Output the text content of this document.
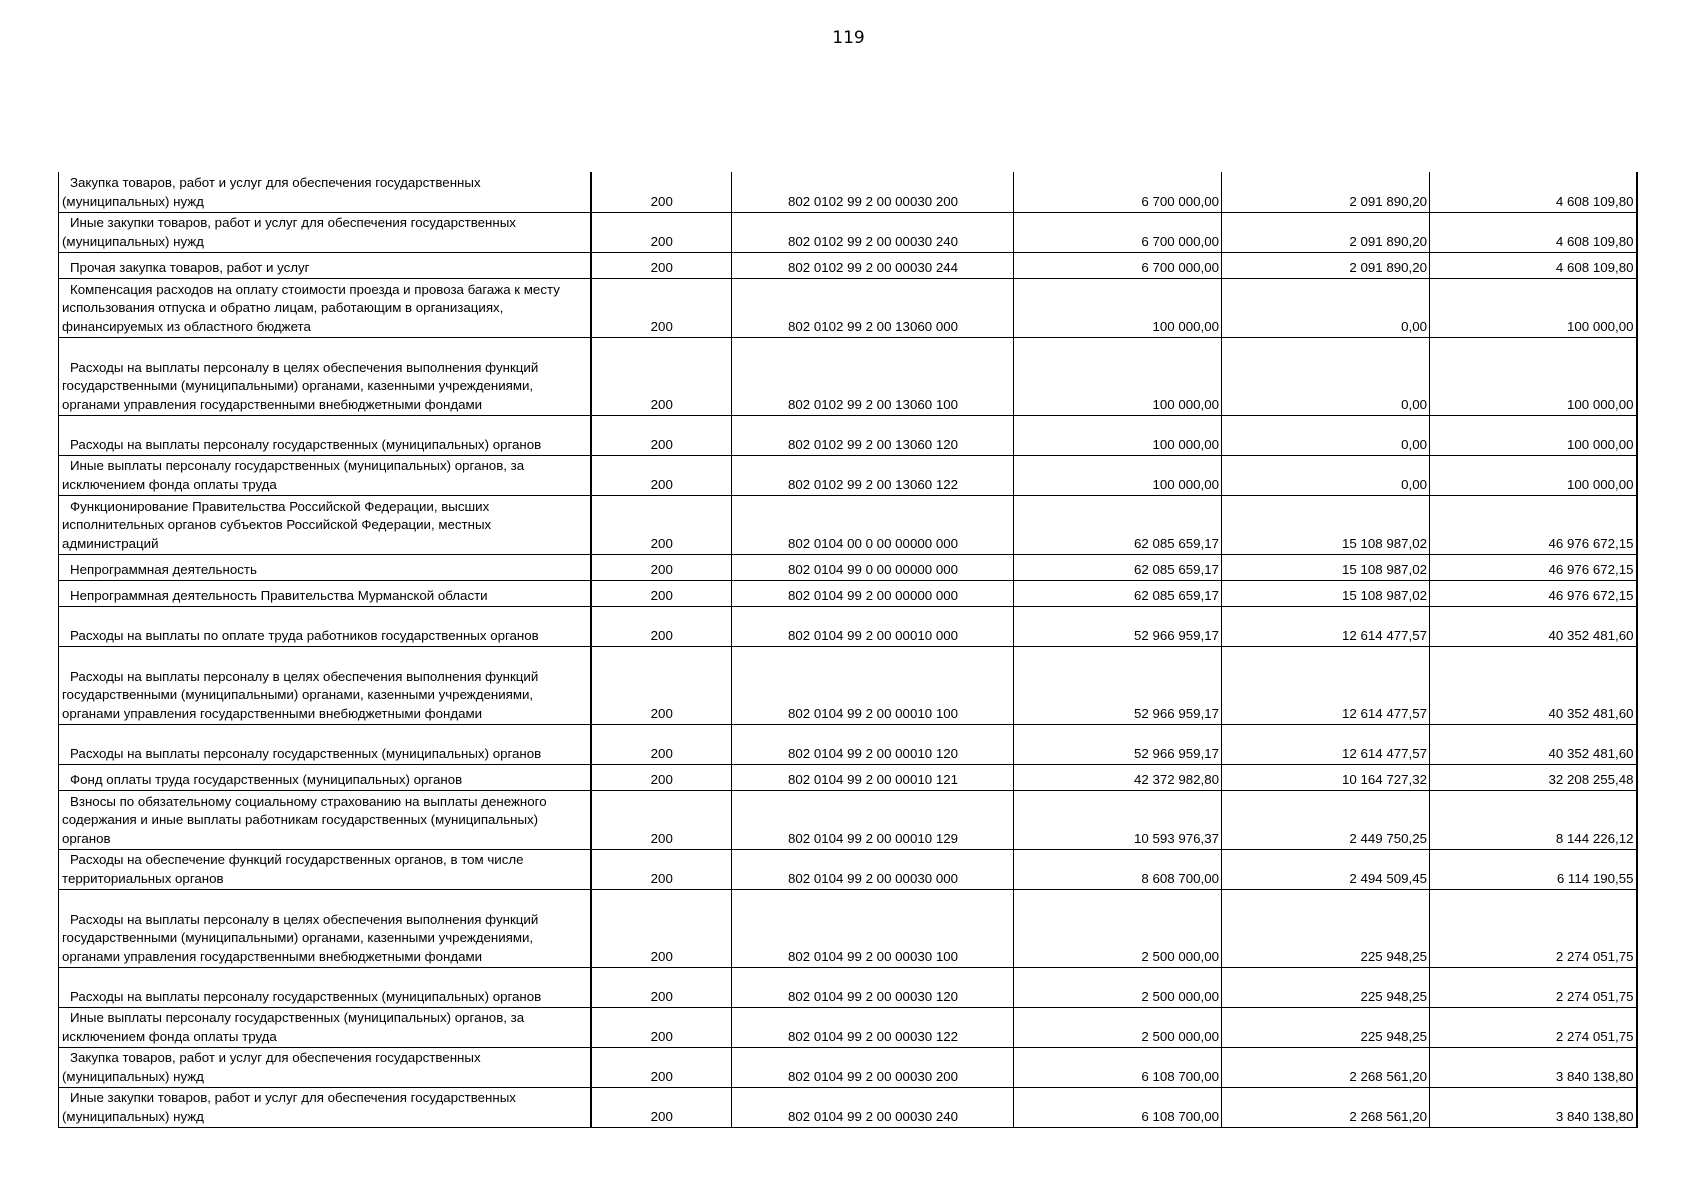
119
Закупка товаров, работ и услуг для обеспечения государственных (муниципальных) нужд	200	802 0102 99 2 00 00030 200	6 700 000,00	2 091 890,20	4 608 109,80

Иные закупки товаров, работ и услуг для обеспечения государственных (муниципальных) нужд	200	802 0102 99 2 00 00030 240	6 700 000,00	2 091 890,20	4 608 109,80

Прочая закупка товаров, работ и услуг	200	802 0102 99 2 00 00030 244	6 700 000,00	2 091 890,20	4 608 109,80

Компенсация расходов на оплату стоимости проезда и провоза багажа к месту использования отпуска и обратно лицам, работающим в организациях, финансируемых из областного бюджета	200	802 0102 99 2 00 13060 000	100 000,00	0,00	100 000,00

Расходы на выплаты персоналу в целях обеспечения выполнения функций государственными (муниципальными) органами, казенными учреждениями, органами управления государственными внебюджетными фондами	200	802 0102 99 2 00 13060 100	100 000,00	0,00	100 000,00

Расходы на выплаты персоналу государственных (муниципальных) органов	200	802 0102 99 2 00 13060 120	100 000,00	0,00	100 000,00

Иные выплаты персоналу государственных (муниципальных) органов, за исключением фонда оплаты труда	200	802 0102 99 2 00 13060 122	100 000,00	0,00	100 000,00

Функционирование Правительства Российской Федерации, высших исполнительных органов субъектов Российской Федерации, местных администраций	200	802 0104 00 0 00 00000 000	62 085 659,17	15 108 987,02	46 976 672,15

Непрограммная деятельность	200	802 0104 99 0 00 00000 000	62 085 659,17	15 108 987,02	46 976 672,15

Непрограммная деятельность Правительства Мурманской области	200	802 0104 99 2 00 00000 000	62 085 659,17	15 108 987,02	46 976 672,15

Расходы на выплаты по оплате труда работников государственных органов	200	802 0104 99 2 00 00010 000	52 966 959,17	12 614 477,57	40 352 481,60

Расходы на выплаты персоналу в целях обеспечения выполнения функций государственными (муниципальными) органами, казенными учреждениями, органами управления государственными внебюджетными фондами	200	802 0104 99 2 00 00010 100	52 966 959,17	12 614 477,57	40 352 481,60

Расходы на выплаты персоналу государственных (муниципальных) органов	200	802 0104 99 2 00 00010 120	52 966 959,17	12 614 477,57	40 352 481,60

Фонд оплаты труда государственных (муниципальных) органов	200	802 0104 99 2 00 00010 121	42 372 982,80	10 164 727,32	32 208 255,48

Взносы по обязательному социальному страхованию на выплаты денежного содержания и иные выплаты работникам государственных (муниципальных) органов	200	802 0104 99 2 00 00010 129	10 593 976,37	2 449 750,25	8 144 226,12

Расходы на обеспечение функций государственных органов, в том числе территориальных органов	200	802 0104 99 2 00 00030 000	8 608 700,00	2 494 509,45	6 114 190,55

Расходы на выплаты персоналу в целях обеспечения выполнения функций государственными (муниципальными) органами, казенными учреждениями, органами управления государственными внебюджетными фондами	200	802 0104 99 2 00 00030 100	2 500 000,00	225 948,25	2 274 051,75

Расходы на выплаты персоналу государственных (муниципальных) органов	200	802 0104 99 2 00 00030 120	2 500 000,00	225 948,25	2 274 051,75

Иные выплаты персоналу государственных (муниципальных) органов, за исключением фонда оплаты труда	200	802 0104 99 2 00 00030 122	2 500 000,00	225 948,25	2 274 051,75

Закупка товаров, работ и услуг для обеспечения государственных (муниципальных) нужд	200	802 0104 99 2 00 00030 200	6 108 700,00	2 268 561,20	3 840 138,80

Иные закупки товаров, работ и услуг для обеспечения государственных (муниципальных) нужд	200	802 0104 99 2 00 00030 240	6 108 700,00	2 268 561,20	3 840 138,80
